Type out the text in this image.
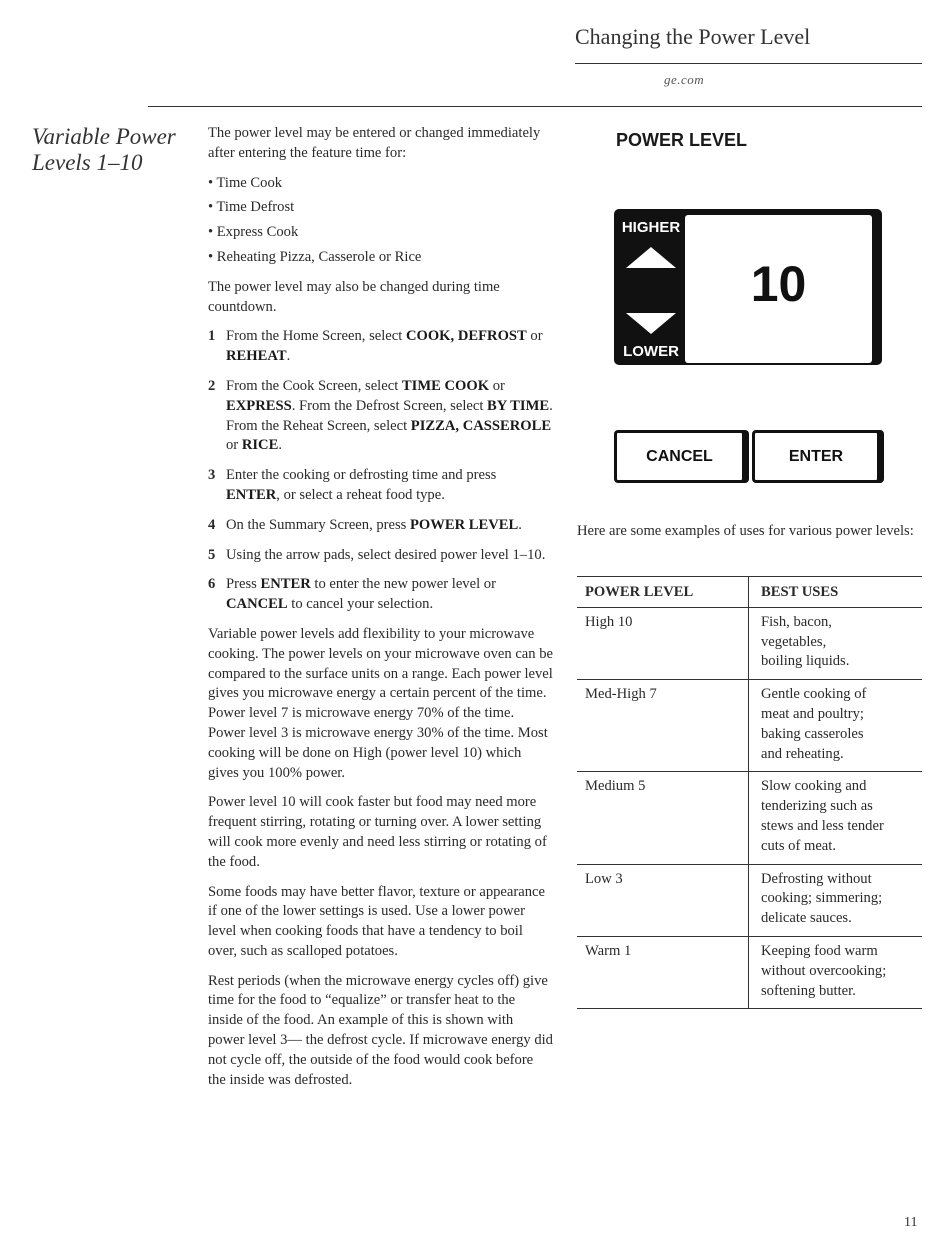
Changing the Power Level
ge.com
Variable Power
Levels 1–10

The power level may be entered or changed immediately after entering the feature time for:

• Time Cook
• Time Defrost
• Express Cook
• Reheating Pizza, Casserole or Rice

The power level may also be changed during time countdown.

1 From the Home Screen, select COOK, DEFROST or REHEAT.
2 From the Cook Screen, select TIME COOK or EXPRESS. From the Defrost Screen, select BY TIME. From the Reheat Screen, select PIZZA, CASSEROLE or RICE.
3 Enter the cooking or defrosting time and press ENTER, or select a reheat food type.
4 On the Summary Screen, press POWER LEVEL.
5 Using the arrow pads, select desired power level 1–10.
6 Press ENTER to enter the new power level or CANCEL to cancel your selection.

Variable power levels add flexibility to your microwave cooking. The power levels on your microwave oven can be compared to the surface units on a range. Each power level gives you microwave energy a certain percent of the time. Power level 7 is microwave energy 70% of the time. Power level 3 is microwave energy 30% of the time. Most cooking will be done on High (power level 10) which gives you 100% power.

Power level 10 will cook faster but food may need more frequent stirring, rotating or turning over. A lower setting will cook more evenly and need less stirring or rotating of the food.

Some foods may have better flavor, texture or appearance if one of the lower settings is used. Use a lower power level when cooking foods that have a tendency to boil over, such as scalloped potatoes.

Rest periods (when the microwave energy cycles off) give time for the food to “equalize” or transfer heat to the inside of the food. An example of this is shown with power level 3— the defrost cycle. If microwave energy did not cycle off, the outside of the food would cook before the inside was defrosted.

POWER LEVEL
HIGHER
LOWER
10
CANCEL	ENTER
Here are some examples of uses for various power levels:
POWER LEVEL	BEST USES
High 10	Fish, bacon,
vegetables,
boiling liquids.

Med-High 7	Gentle cooking of
meat and poultry;
baking casseroles
and reheating.

Medium 5	Slow cooking and
tenderizing such as
stews and less tender
cuts of meat.

Low 3	Defrosting without
cooking; simmering;
delicate sauces.

Warm 1	Keeping food warm
without overcooking;
softening butter.
11
